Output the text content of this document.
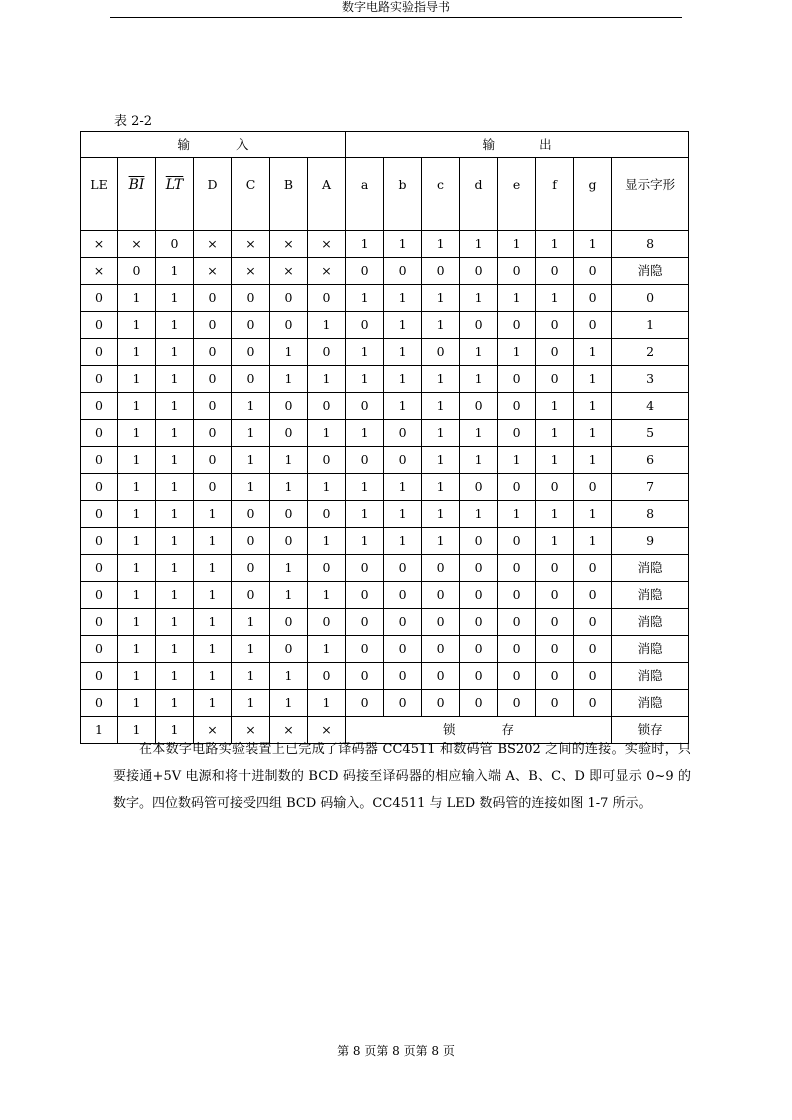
数字电路实验指导书
表 2-2
输入							输出							
LE	$\overline{BI}$	$\overline{LT}$	D	C	B	A	a	b	c	d	e	f	g	显示字形
×	×	0	×	×	×	×	1	1	1	1	1	1	1	8
×	0	1	×	×	×	×	0	0	0	0	0	0	0	消隐
0	1	1	0	0	0	0	1	1	1	1	1	1	0	0
0	1	1	0	0	0	1	0	1	1	0	0	0	0	1
0	1	1	0	0	1	0	1	1	0	1	1	0	1	2
0	1	1	0	0	1	1	1	1	1	1	0	0	1	3
0	1	1	0	1	0	0	0	1	1	0	0	1	1	4
0	1	1	0	1	0	1	1	0	1	1	0	1	1	5
0	1	1	0	1	1	0	0	0	1	1	1	1	1	6
0	1	1	0	1	1	1	1	1	1	0	0	0	0	7
0	1	1	1	0	0	0	1	1	1	1	1	1	1	8
0	1	1	1	0	0	1	1	1	1	0	0	1	1	9
0	1	1	1	0	1	0	0	0	0	0	0	0	0	消隐
0	1	1	1	0	1	1	0	0	0	0	0	0	0	消隐
0	1	1	1	1	0	0	0	0	0	0	0	0	0	消隐
0	1	1	1	1	0	1	0	0	0	0	0	0	0	消隐
0	1	1	1	1	1	0	0	0	0	0	0	0	0	消隐
0	1	1	1	1	1	1	0	0	0	0	0	0	0	消隐
1	1	1	×	×	×	×	锁存							锁存

在本数字电路实验装置上已完成了译码器 CC4511 和数码管 BS202 之间的连接。实验时，只要接通+5V 电源和将十进制数的 BCD 码接至译码器的相应输入端 A、B、C、D 即可显示 0~9 的数字。四位数码管可接受四组 BCD 码输入。CC4511 与 LED 数码管的连接如图 1-7 所示。

第 8 页第 8 页第 8 页
